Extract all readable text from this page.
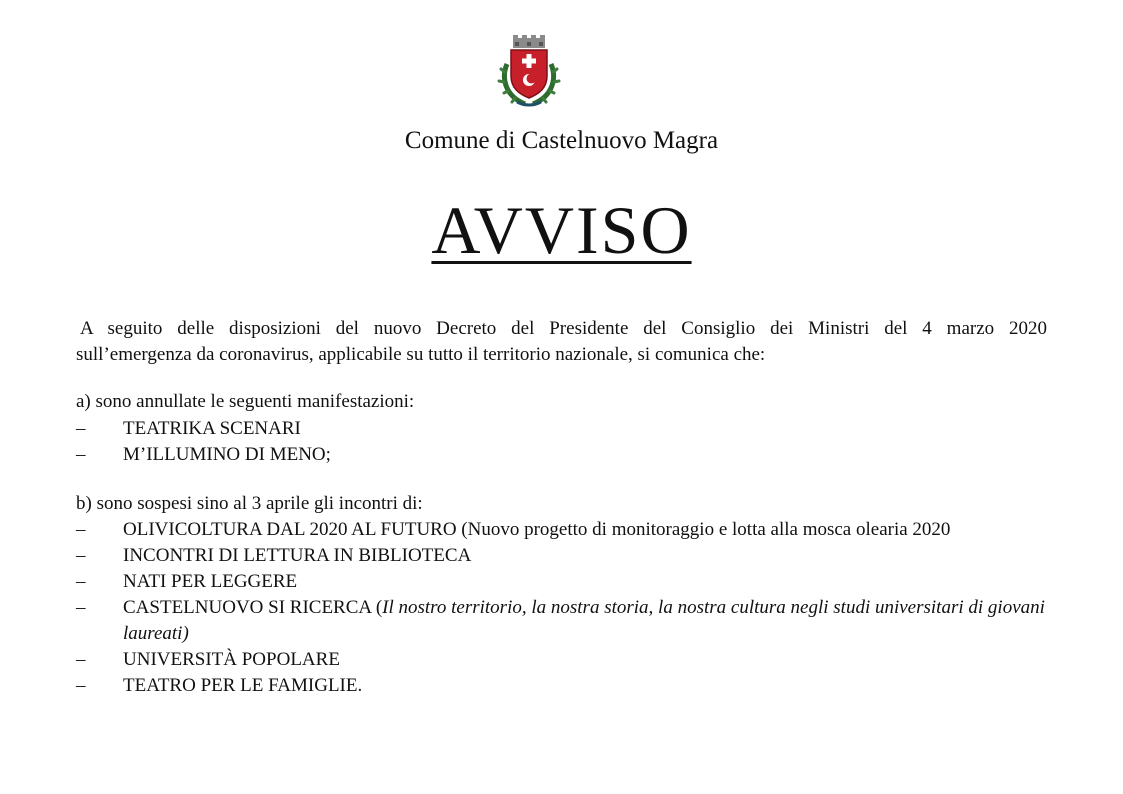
Comune di Castelnuovo Magra
AVVISO

A seguito delle disposizioni del nuovo Decreto del Presidente del Consiglio dei Ministri del 4 marzo 2020

sull’emergenza da coronavirus, applicabile su tutto il territorio nazionale, si comunica che:

a) sono annullate le seguenti manifestazioni:
– TEATRIKA SCENARI
– M’ILLUMINO DI MENO;
b) sono sospesi sino al 3 aprile gli incontri di:
– OLIVICOLTURA DAL 2020 AL FUTURO (Nuovo progetto di monitoraggio e lotta alla mosca olearia 2020
– INCONTRI DI LETTURA IN BIBLIOTECA
– NATI PER LEGGERE
– CASTELNUOVO SI RICERCA (Il nostro territorio, la nostra storia, la nostra cultura negli studi universitari di giovani laureati)
– UNIVERSITÀ POPOLARE
– TEATRO PER LE FAMIGLIE.
